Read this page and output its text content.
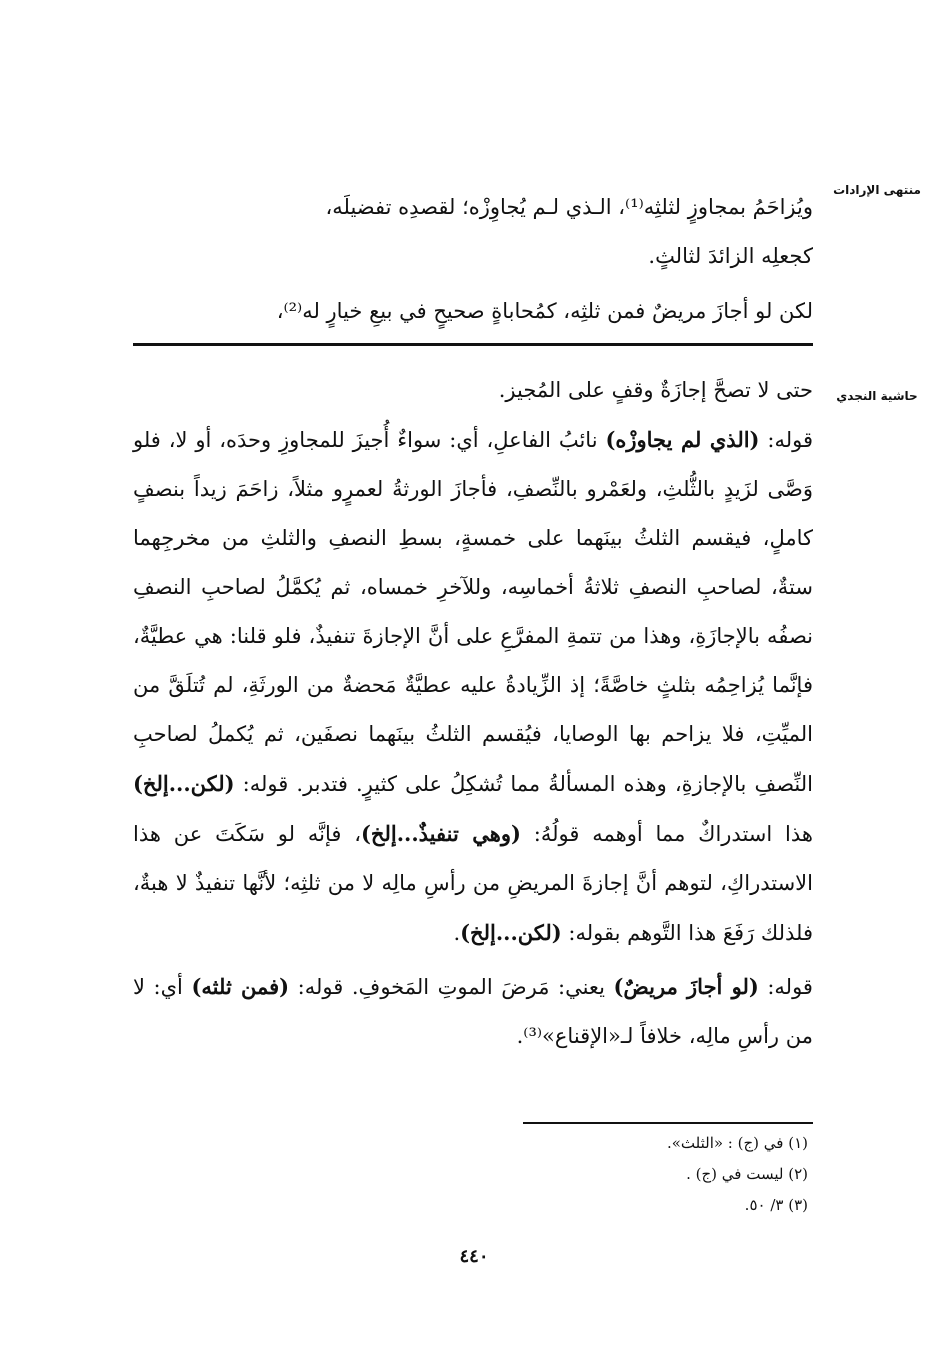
منتهى الإرادات
حاشية النجدي

ويُزاحَمُ بمجاوزٍ لثلثِه⁽¹⁾، الـذي لـم يُجاوِزْه؛ لقصدِه تفضيلَه،

كجعلِه الزائدَ لثالثٍ.

لكن لو أجازَ مريضٌ فمن ثلثِه، كمُحاباةٍ صحيحٍ في بيعِ خيارٍ له⁽²⁾،

حتى لا تصحَّ إجازَةٌ وقفٍ على المُجيز.

قوله: (الذي لم يجاوزْه) نائبُ الفاعلِ، أي: سواءٌ أُجيزَ للمجاوزِ وحدَه، أو لا، فلو وَصَّى لزَيدٍ بالثُّلثِ، ولعَمْرو بالنِّصفِ، فأجازَ الورثةُ لعمرٍو مثلاً، زاحَمَ زيداً بنصفٍ كاملٍ، فيقسم الثلثُ بينَهما على خمسةٍ، بسطِ النصفِ والثلثِ من مخرجِهما ستةٌ، لصاحبِ النصفِ ثلاثةُ أخماسِه، وللآخرِ خمساه، ثم يُكمَّلُ لصاحبِ النصفِ نصفُه بالإجازَةِ، وهذا من تتمةِ المفرَّعِ على أنَّ الإجازةَ تنفيذٌ، فلو قلنا: هي عطيَّةٌ، فإنَّما يُزاحِمُه بثلثٍ خاصَّةً؛ إذ الزِّيادةُ عليه عطيَّةٌ مَحضةٌ من الورثَةِ، لم تُتلَقَّ من الميِّتِ، فلا يزاحم بها الوصايا، فيُقسم الثلثُ بينَهما نصفَين، ثم يُكملُ لصاحبِ النِّصفِ بالإجازةِ، وهذه المسألةُ مما تُشكِلُ على كثيرٍ. فتدبر. قوله: (لكن...إلخ) هذا استدراكٌ مما أوهمه قولُهُ: (وهي تنفيذٌ...إلخ)، فإنَّه لو سَكَتَ عن هذا الاستدراكِ، لتوهم أنَّ إجازةَ المريضِ من رأسِ مالِه لا من ثلثِه؛ لأنَّها تنفيذٌ لا هبةٌ، فلذلك رَفَعَ هذا التَّوهم بقوله: (لكن...إلخ).

قوله: (لو أجازَ مريضٌ) يعني: مَرضَ الموتِ المَخوفِ. قوله: (فمن ثلثه) أي: لا من رأسِ مالِه، خلافاً لـ«الإقناع»⁽³⁾.

(١) في (ج) : «الثلث».
(٢) ليست في (ج) .
(٣) ٣/ ٥٠.
٤٤٠
